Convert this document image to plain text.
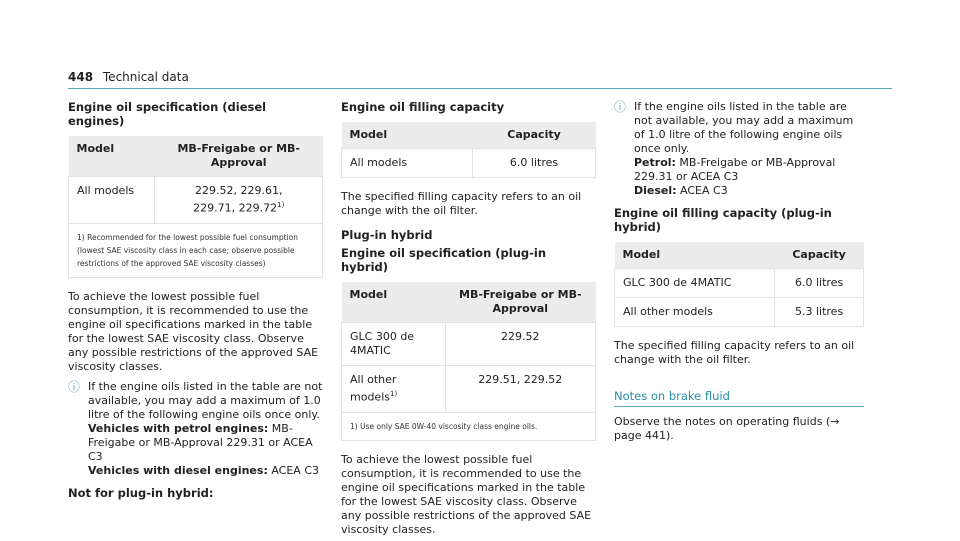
448 Technical data
Engine oil specification (diesel engines)
Model	MB-Freigabe or MB-Approval
All models	229.52, 229.61,
229.71, 229.72$^{1)}$
1) Recommended for the lowest possible fuel consumption (lowest SAE viscosity class in each case; observe possible restrictions of the approved SAE viscosity classes)	

To achieve the lowest possible fuel consumption, it is recommended to use the engine oil specifications marked in the table for the lowest SAE viscosity class. Observe any possible restrictions of the approved SAE viscosity classes.

ⓘ If the engine oils listed in the table are not available, you may add a maximum of 1.0 litre of the following engine oils once only.
Vehicles with petrol engines: MB-Freigabe or MB-Approval 229.31 or ACEA C3
Vehicles with diesel engines: ACEA C3
Not for plug-in hybrid:
Engine oil filling capacity
Model	Capacity
All models	6.0 litres

The specified filling capacity refers to an oil change with the oil filter.

Plug-in hybrid
Engine oil specification (plug-in hybrid)
Model	MB-Freigabe or MB-Approval
GLC 300 de 4MATIC	229.52
All other models$^{1)}$	229.51, 229.52
1) Use only SAE 0W-40 viscosity class engine oils.	

To achieve the lowest possible fuel consumption, it is recommended to use the engine oil specifications marked in the table for the lowest SAE viscosity class. Observe any possible restrictions of the approved SAE viscosity classes.

ⓘ If the engine oils listed in the table are not available, you may add a maximum of 1.0 litre of the following engine oils once only.
Petrol: MB-Freigabe or MB-Approval 229.31 or ACEA C3
Diesel: ACEA C3
Engine oil filling capacity (plug-in hybrid)
Model	Capacity
GLC 300 de 4MATIC	6.0 litres
All other models	5.3 litres

The specified filling capacity refers to an oil change with the oil filter.

Notes on brake fluid

Observe the notes on operating fluids (→ page 441).
